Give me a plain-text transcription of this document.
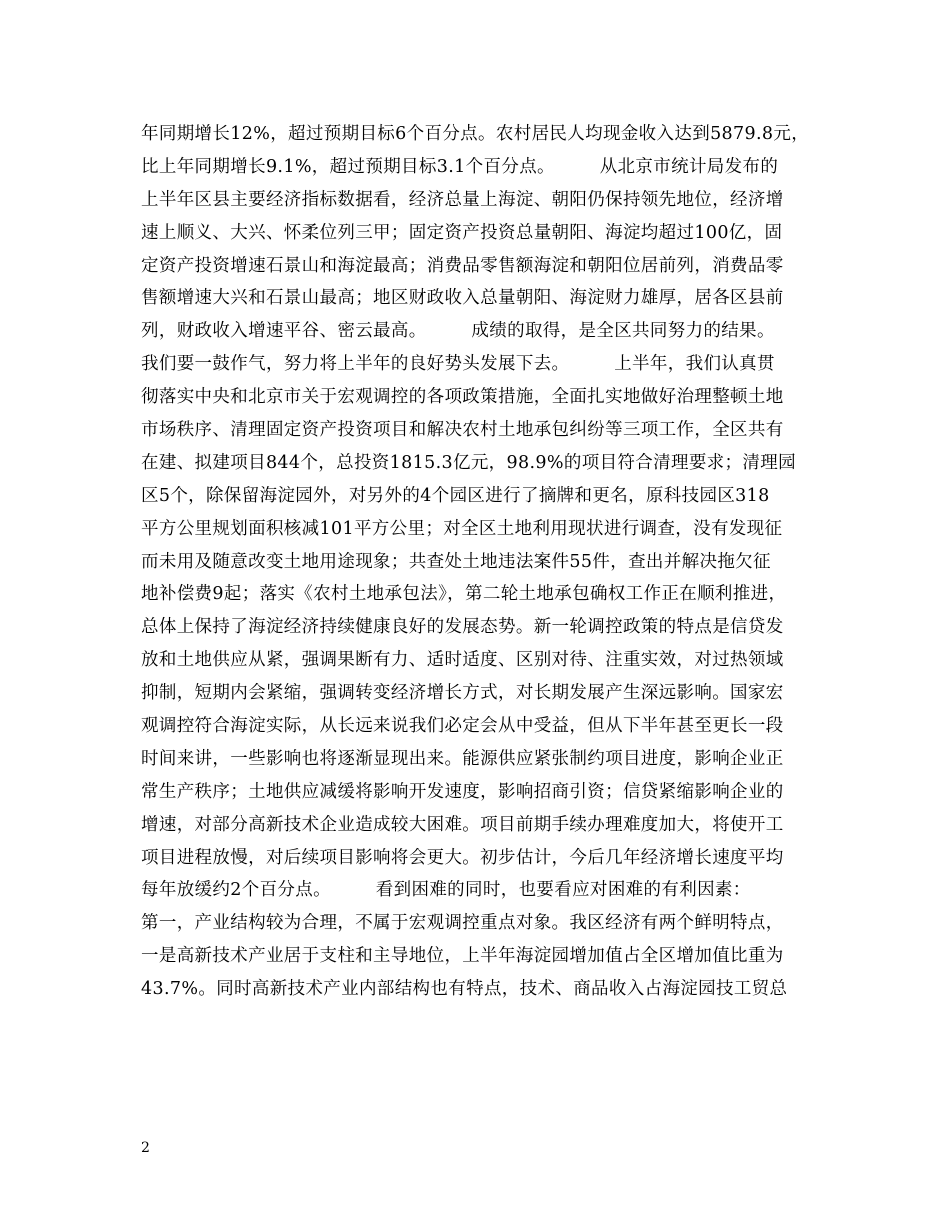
年同期增长12%，超过预期目标6个百分点。农村居民人均现金收入达到5879.8元，
比上年同期增长9.1%，超过预期目标3.1个百分点。　　　从北京市统计局发布的
上半年区县主要经济指标数据看，经济总量上海淀、朝阳仍保持领先地位，经济增
速上顺义、大兴、怀柔位列三甲；固定资产投资总量朝阳、海淀均超过100亿，固
定资产投资增速石景山和海淀最高；消费品零售额海淀和朝阳位居前列，消费品零
售额增速大兴和石景山最高；地区财政收入总量朝阳、海淀财力雄厚，居各区县前
列，财政收入增速平谷、密云最高。　　　成绩的取得，是全区共同努力的结果。
我们要一鼓作气，努力将上半年的良好势头发展下去。　　　上半年，我们认真贯
彻落实中央和北京市关于宏观调控的各项政策措施，全面扎实地做好治理整顿土地
市场秩序、清理固定资产投资项目和解决农村土地承包纠纷等三项工作，全区共有
在建、拟建项目844个，总投资1815.3亿元，98.9%的项目符合清理要求；清理园
区5个，除保留海淀园外，对另外的4个园区进行了摘牌和更名，原科技园区318
平方公里规划面积核减101平方公里；对全区土地利用现状进行调查，没有发现征
而未用及随意改变土地用途现象；共查处土地违法案件55件，查出并解决拖欠征
地补偿费9起；落实《农村土地承包法》，第二轮土地承包确权工作正在顺利推进，
总体上保持了海淀经济持续健康良好的发展态势。新一轮调控政策的特点是信贷发
放和土地供应从紧，强调果断有力、适时适度、区别对待、注重实效，对过热领域
抑制，短期内会紧缩，强调转变经济增长方式，对长期发展产生深远影响。国家宏
观调控符合海淀实际，从长远来说我们必定会从中受益，但从下半年甚至更长一段
时间来讲，一些影响也将逐渐显现出来。能源供应紧张制约项目进度，影响企业正
常生产秩序；土地供应减缓将影响开发速度，影响招商引资；信贷紧缩影响企业的
增速，对部分高新技术企业造成较大困难。项目前期手续办理难度加大，将使开工
项目进程放慢，对后续项目影响将会更大。初步估计，今后几年经济增长速度平均
每年放缓约2个百分点。　　　看到困难的同时，也要看应对困难的有利因素：
第一，产业结构较为合理，不属于宏观调控重点对象。我区经济有两个鲜明特点，
一是高新技术产业居于支柱和主导地位，上半年海淀园增加值占全区增加值比重为
43.7%。同时高新技术产业内部结构也有特点，技术、商品收入占海淀园技工贸总
2
